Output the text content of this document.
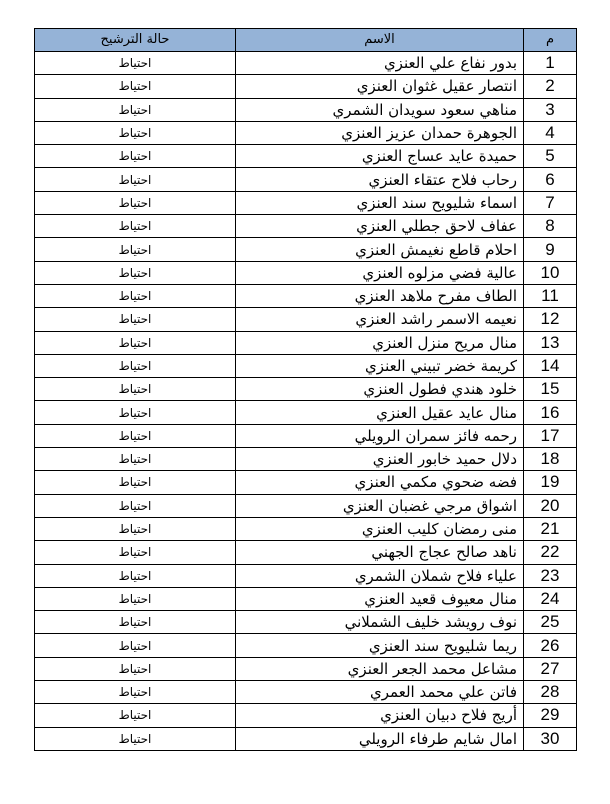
م	الاسم	حالة الترشيح
1	بدور نفاع علي العنزي	احتياط
2	انتصار عقيل غثوان العنزي	احتياط
3	مناهي سعود سويدان الشمري	احتياط
4	الجوهرة حمدان عزيز العنزي	احتياط
5	حميدة عايد عساج العنزي	احتياط
6	رحاب فلاح عتقاء العنزي	احتياط
7	اسماء شليويح سند العنزي	احتياط
8	عفاف لاحق جطلي العنزي	احتياط
9	احلام قاطع نغيمش العنزي	احتياط
10	عالية فضي مزلوه العنزي	احتياط
11	الطاف مفرح ملاهد العنزي	احتياط
12	نعيمه الاسمر راشد العنزي	احتياط
13	منال مريح منزل العنزي	احتياط
14	كريمة خضر تبيني العنزي	احتياط
15	خلود هندي فطول العنزي	احتياط
16	منال عايد عقيل العنزي	احتياط
17	رحمه فائز سمران الرويلي	احتياط
18	دلال حميد خابور العنزي	احتياط
19	فضه ضحوي مكمي العنزي	احتياط
20	اشواق مرجي غضبان العنزي	احتياط
21	منى رمضان كليب العنزي	احتياط
22	ناهد صالح عجاج الجهني	احتياط
23	علياء فلاح شملان الشمري	احتياط
24	منال معيوف قعيد العنزي	احتياط
25	نوف رويشد خليف الشملاني	احتياط
26	ريما شليويح سند العنزي	احتياط
27	مشاعل محمد الجعر العنزي	احتياط
28	فاتن علي محمد العمري	احتياط
29	أريج فلاح دبيان العنزي	احتياط
30	امال شايم طرفاء الرويلي	احتياط
